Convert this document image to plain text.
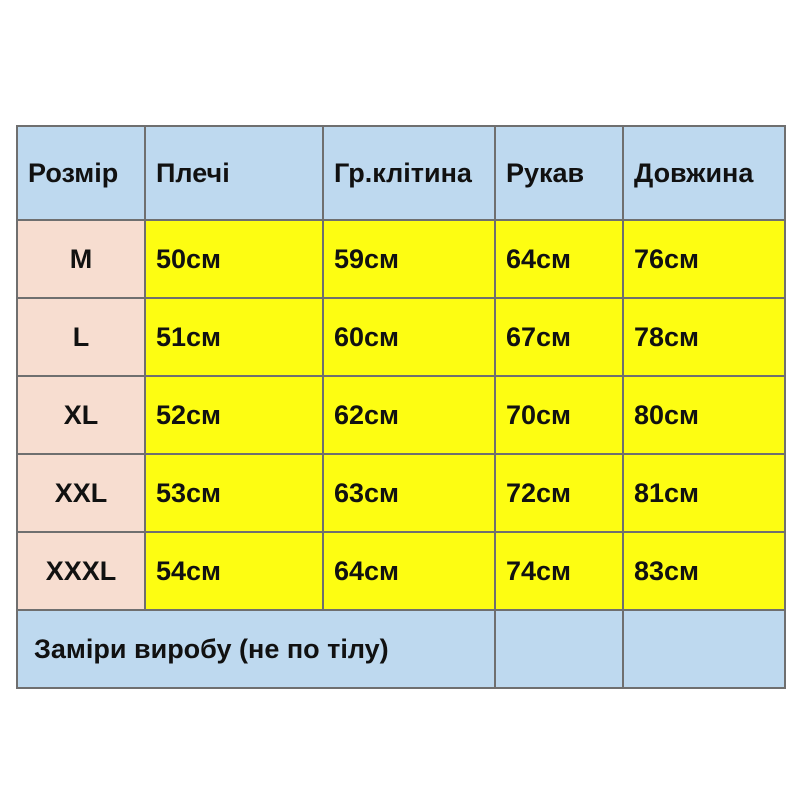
Розмір	Плечі	Гр.клітина	Рукав	Довжина
M	50см	59см	64см	76см
L	51см	60см	67см	78см
XL	52см	62см	70см	80см
XXL	53см	63см	72см	81см
XXXL	54см	64см	74см	83см
Заміри виробу (не по тілу)				
